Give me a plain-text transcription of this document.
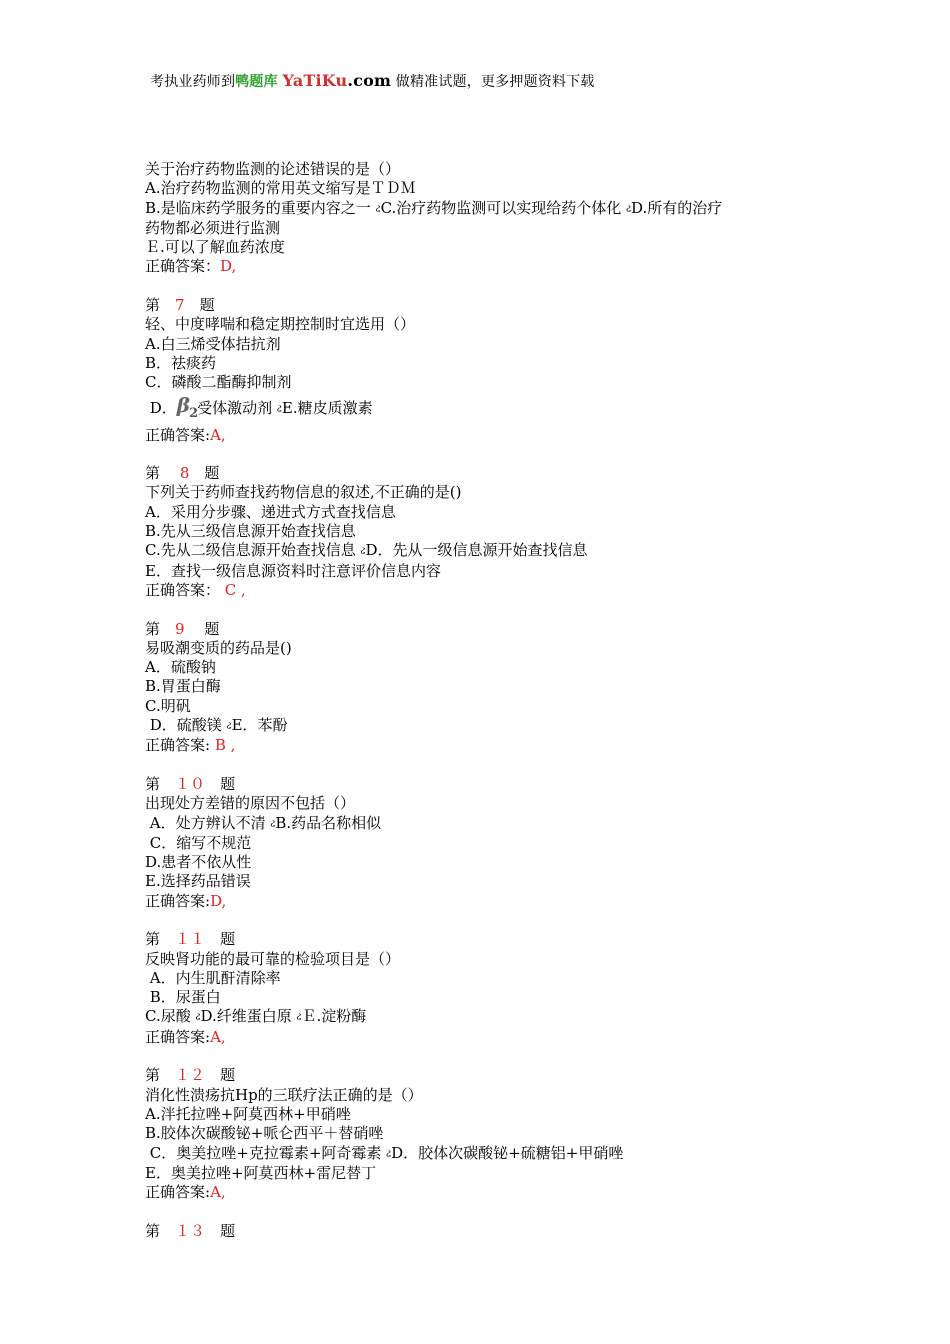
考执业药师到鸭题库 YaTiKu.com 做精准试题，更多押题资料下载
关于治疗药物监测的论述错误的是（）
A.治疗药物监测的常用英文缩写是ＴＤＭ
B.是临床药学服务的重要内容之一 ઢC.治疗药物监测可以实现给药个体化 ઢD.所有的治疗
药物都必须进行监测
Ｅ.可以了解血药浓度
正确答案：D,
第　 7　 题
轻、中度哮喘和稳定期控制时宜选用（）
A.白三烯受体拮抗剂
B．祛痰药
C．磷酸二酯酶抑制剂
D．$\beta_2$受体激动剂 ઢE.糖皮质激素
正确答案:A,
第　 8　 题
下列关于药师查找药物信息的叙述,不正确的是()
A．采用分步骤、递进式方式查找信息
B.先从三级信息源开始查找信息
C.先从二级信息源开始查找信息 ઢD．先从一级信息源开始查找信息
E．查找一级信息源资料时注意评价信息内容
正确答案： C ,
第　 9　 题
易吸潮变质的药品是()
A．硫酸钠
B.胃蛋白酶
C.明矾
D．硫酸镁 ઢE．苯酚
正确答案: B ,
第　 １０　 题
出现处方差错的原因不包括（）
A．处方辨认不清 ઢB.药品名称相似
C．缩写不规范
D.患者不依从性
E.选择药品错误
正确答案:D,
第　 １１　 题
反映肾功能的最可靠的检验项目是（）
A．内生肌酐清除率
B．尿蛋白
C.尿酸 ઢD.纤维蛋白原 ઢＥ.淀粉酶
正确答案:A,
第　 １２　 题
消化性溃疡抗Hp的三联疗法正确的是（）
A.泮托拉唑+阿莫西林+甲硝唑
B.胶体次碳酸铋+哌仑西平＋替硝唑
C．奥美拉唑+克拉霉素+阿奇霉素 ઢD．胶体次碳酸铋+硫糖铝+甲硝唑
E．奥美拉唑+阿莫西林+雷尼替丁
正确答案:A,
第　 １３　 题
